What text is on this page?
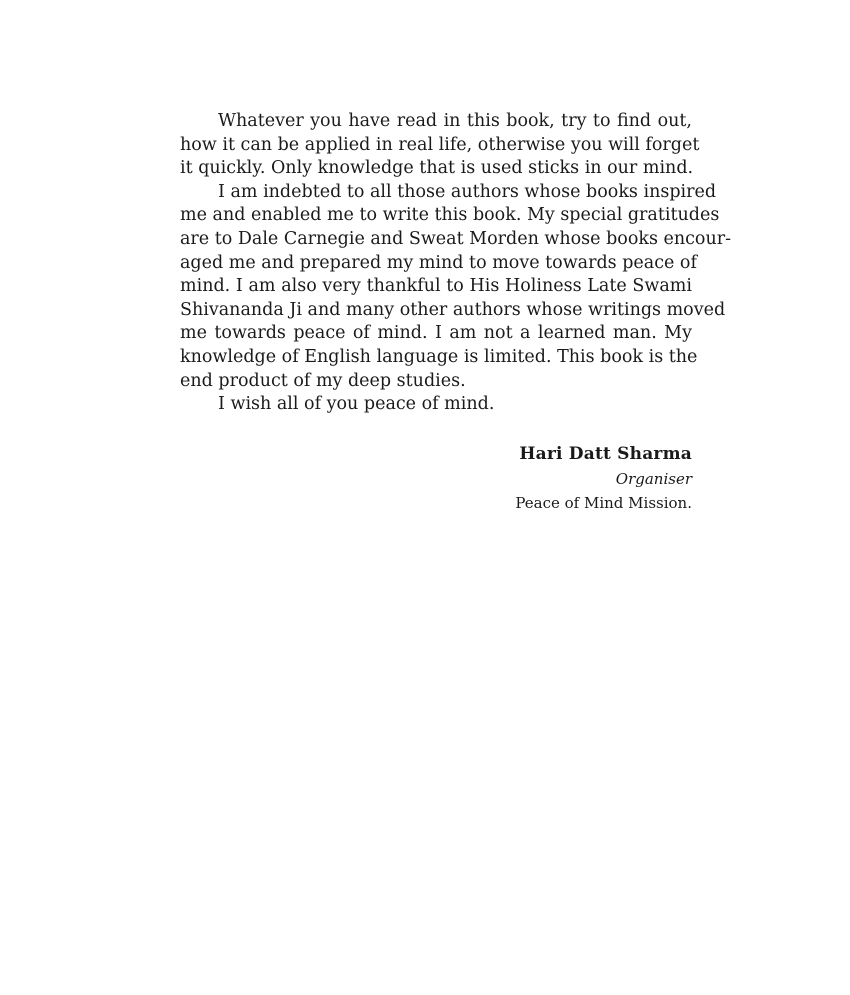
Whatever you have read in this book, try to find out,
how it can be applied in real life, otherwise you will forget
it quickly. Only knowledge that is used sticks in our mind.
I am indebted to all those authors whose books inspired
me and enabled me to write this book. My special gratitudes
are to Dale Carnegie and Sweat Morden whose books encour-
aged me and prepared my mind to move towards peace of
mind. I am also very thankful to His Holiness Late Swami
Shivananda Ji and many other authors whose writings moved
me towards peace of mind. I am not a learned man. My
knowledge of English language is limited. This book is the
end product of my deep studies.
I wish all of you peace of mind.
Hari Datt Sharma
Organiser
Peace of Mind Mission.
